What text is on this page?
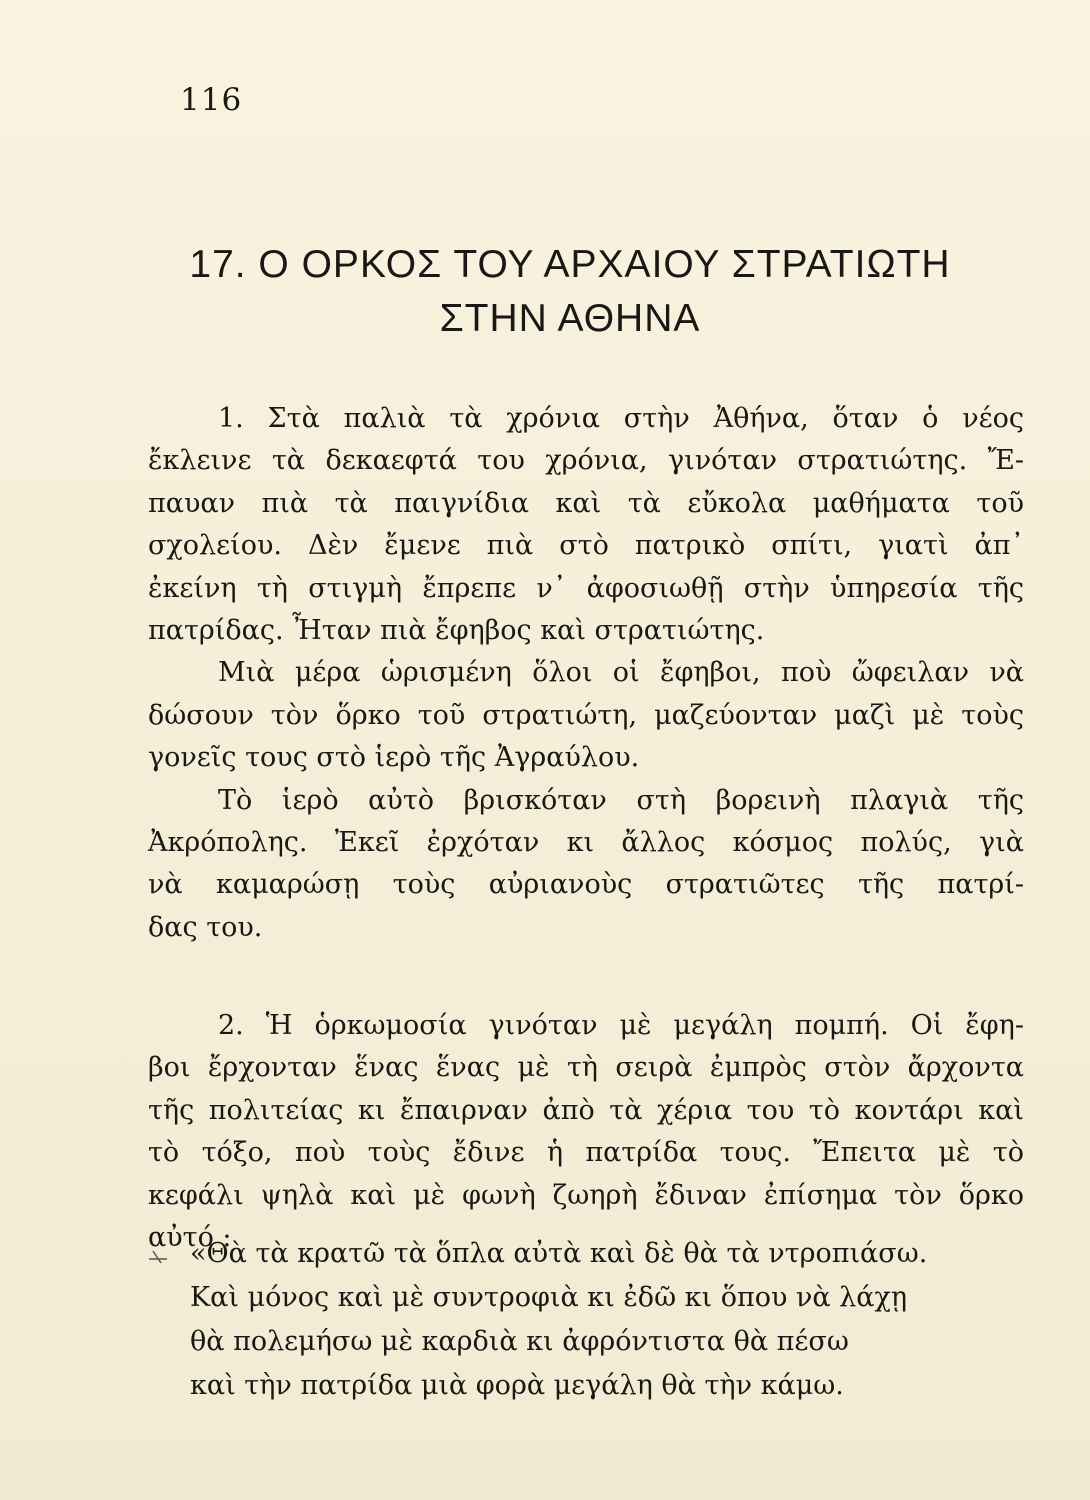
116
17. Ο ΟΡΚΟΣ ΤΟΥ ΑΡΧΑΙΟΥ ΣΤΡΑΤΙΩΤΗ
ΣΤΗΝ ΑΘΗΝΑ
1. Στὰ παλιὰ τὰ χρόνια στὴν Ἀθήνα, ὅταν ὁ νέος
ἔκλεινε τὰ δεκαεφτά του χρόνια, γινόταν στρατιώτης. Ἔ-
παυαν πιὰ τὰ παιγνίδια καὶ τὰ εὔκολα μαθήματα τοῦ
σχολείου. Δὲν ἔμενε πιὰ στὸ πατρικὸ σπίτι, γιατὶ ἀπ᾽
ἐκείνη τὴ στιγμὴ ἔπρεπε ν᾽ ἀφοσιωθῇ στὴν ὑπηρεσία τῆς
πατρίδας. Ἦταν πιὰ ἔφηβος καὶ στρατιώτης.
Μιὰ μέρα ὡρισμένη ὅλοι οἱ ἔφηβοι, ποὺ ὤφειλαν νὰ
δώσουν τὸν ὅρκο τοῦ στρατιώτη, μαζεύονταν μαζὶ μὲ τοὺς
γονεῖς τους στὸ ἱερὸ τῆς Ἀγραύλου.
Τὸ ἱερὸ αὐτὸ βρισκόταν στὴ βορεινὴ πλαγιὰ τῆς
Ἀκρόπολης. Ἐκεῖ ἐρχόταν κι ἄλλος κόσμος πολύς, γιὰ
νὰ καμαρώσῃ τοὺς αὐριανοὺς στρατιῶτες τῆς πατρί-
δας του.
2. Ἡ ὁρκωμοσία γινόταν μὲ μεγάλη πομπή. Οἱ ἔφη-
βοι ἔρχονταν ἕνας ἕνας μὲ τὴ σειρὰ ἐμπρὸς στὸν ἄρχοντα
τῆς πολιτείας κι ἔπαιρναν ἀπὸ τὰ χέρια του τὸ κοντάρι καὶ
τὸ τόξο, ποὺ τοὺς ἔδινε ἡ πατρίδα τους. Ἔπειτα μὲ τὸ
κεφάλι ψηλὰ καὶ μὲ φωνὴ ζωηρὴ ἔδιναν ἐπίσημα τὸν ὅρκο
αὐτό :
«Θὰ τὰ κρατῶ τὰ ὅπλα αὐτὰ καὶ δὲ θὰ τὰ ντροπιάσω.
Καὶ μόνος καὶ μὲ συντροφιὰ κι ἐδῶ κι ὅπου νὰ λάχῃ
θὰ πολεμήσω μὲ καρδιὰ κι ἀφρόντιστα θὰ πέσω
καὶ τὴν πατρίδα μιὰ φορὰ μεγάλη θὰ τὴν κάμω.
